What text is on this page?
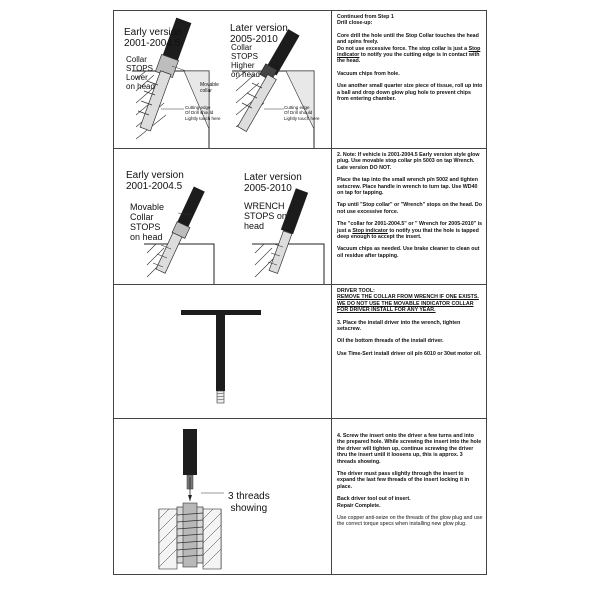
Early version
2001-2004.5
Later version
2005-2010
Collar
STOPS
Lower
on head
Collar
STOPS
Higher
on head
Movable
collar
Cutting edge
Of Drill should
Lightly touch here
Cutting edge
Of Drill should
Lightly touch here

Continued from Step 1
Drill close-up:

Core drill the hole until the Stop Collar touches the head and spins freely.

Do not use excessive force. The stop collar is just a Stop indicator to notify you the cutting edge is in contact with the head.

Vacuum chips from hole.

Use another small quarter size piece of tissue, roll up into a ball and drop down glow plug hole to prevent chips from entering chamber.

Early version
2001-2004.5
Later version
2005-2010
Movable
Collar
STOPS
on head
WRENCH
STOPS on
head

2. Note: If vehicle is 2001-2004.5 Early version style glow plug. Use movable stop collar p/n 5003 on tap Wrench. Late version DO NOT.

Place the tap into the small wrench p/n 5002 and tighten setscrew. Place handle in wrench to turn tap. Use WD40 on tap for tapping.

Tap until "Stop collar" or "Wrench" stops on the head. Do not use excessive force.

The "collar for 2001-2004.5" or " Wrench for 2005-2010" is just a Stop indicator to notify you that the hole is tapped deep enough to accept the insert.

Vacuum chips as needed. Use brake cleaner to clean out oil residue after tapping.

DRIVER TOOL:

REMOVE THE COLLAR FROM WRENCH IF ONE EXISTS. WE DO NOT USE THE MOVABLE INDICATOR COLLAR FOR DRIVER INSTALL FOR ANY YEAR.

3. Place the install driver into the wrench, tighten setscrew.

Oil the bottom threads of the install driver.

Use Time-Sert install driver oil p/n 6010 or 30wt motor oil.

3 threads
showing

4. Screw the insert onto the driver a few turns and into the prepared hole. While screwing the insert into the hole the driver will tighten up, continue screwing the driver thru the insert until it loosens up, this is approx. 3 threads showing.

The driver must pass slightly through the insert to expand the last few threads of the insert locking it in place.

Back driver tool out of insert.

Repair Complete.

Use copper anti-seize on the threads of the glow plug and use the correct torque specs when installing new glow plug.
